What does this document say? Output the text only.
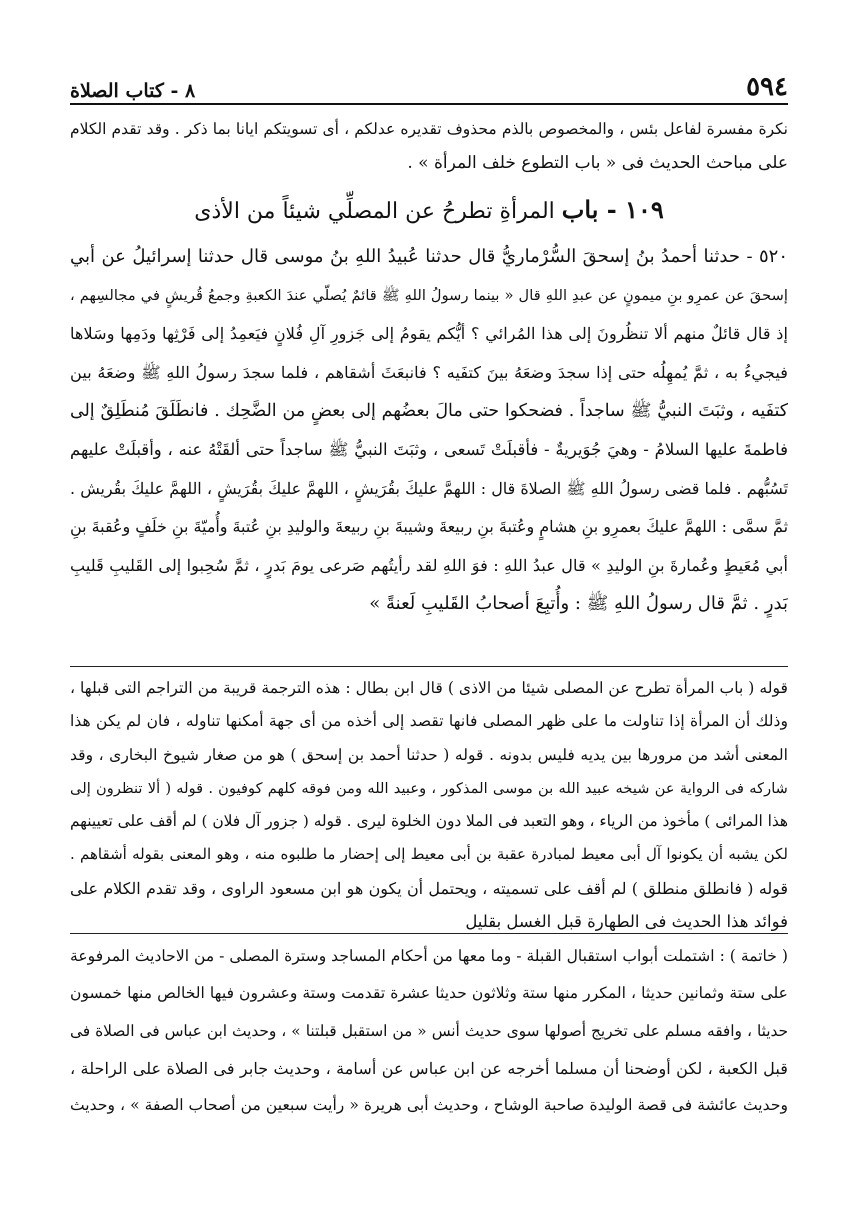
٥٩٤
٨ - كتاب الصلاة
نكرة مفسرة لفاعل بئس ، والمخصوص بالذم محذوف تقديره عدلكم ، أى تسويتكم ايانا بما ذكر . وقد تقدم الكلام
على مباحث الحديث فى « باب التطوع خلف المرأة » .
١٠٩ - باب المرأةِ تطرحُ عن المصلِّي شيئاً من الأذى
٥٢٠ - حدثنا أحمدُ بنُ إسحقَ السُّرْماريُّ قال حدثنا عُبيدُ اللهِ بنُ موسى قال حدثنا إسرائيلُ عن أبي
إسحقَ عن عمرِو بنِ ميمونٍ عن عبدِ اللهِ قال « بينما رسولُ اللهِ ﷺ قائمٌ يُصلّي عندَ الكعبةِ وجمعُ قُريشٍ في مجالسِهم ،
إذ قال قائلٌ منهم ألا تنظُرونَ إلى هذا المُرائي ؟ أيُّكم يقومُ إلى جَزورِ آلِ فُلانٍ فيَعمِدُ إلى فَرْثِها ودَمِها وسَلاها
فيجيءُ به ، ثمَّ يُمهِلُه حتى إذا سجدَ وضعَهُ بينَ كتفَيه ؟ فانبعَثَ أشقاهم ، فلما سجدَ رسولُ اللهِ ﷺ وضعَهُ بين
كتفَيه ، وثبَتَ النبيُّ ﷺ ساجداً . فضحكوا حتى مالَ بعضُهم إلى بعضٍ من الضَّحِك . فانطَلَقَ مُنطَلِقٌ إلى
فاطمةَ عليها السلامُ - وهيَ جُوَيريةٌ - فأقبلَتْ تَسعى ، وثبَتَ النبيُّ ﷺ ساجداً حتى ألقَتْهُ عنه ، وأقبلَتْ عليهم
تَسُبُّهم . فلما قضى رسولُ اللهِ ﷺ الصلاةَ قال : اللهمَّ عليكَ بقُرَيشٍ ، اللهمَّ عليكَ بقُرَيشٍ ، اللهمَّ عليكَ بقُريش .
ثمَّ سمَّى : اللهمَّ عليكَ بعمرِو بنِ هشامٍ وعُتبةَ بنِ ربيعةَ وشيبةَ بنِ ربيعةَ والوليدِ بنِ عُتبةَ وأُميّةَ بنِ خلَفٍ وعُقبةَ بنِ
أبي مُعَيطٍ وعُمارةَ بنِ الوليدِ » قال عبدُ اللهِ : فوَ اللهِ لقد رأيتُهم صَرعى يومَ بَدرٍ ، ثمَّ سُحِبوا إلى القَليبِ قَليبِ
بَدرٍ . ثمَّ قال رسولُ اللهِ ﷺ : وأُتبِعَ أصحابُ القَليبِ لَعنةً »
قوله ( باب المرأة تطرح عن المصلى شيئا من الاذى ) قال ابن بطال : هذه الترجمة قريبة من التراجم التى قبلها ،
وذلك أن المرأة إذا تناولت ما على ظهر المصلى فانها تقصد إلى أخذه من أى جهة أمكنها تناوله ، فان لم يكن هذا
المعنى أشد من مرورها بين يديه فليس بدونه . قوله ( حدثنا أحمد بن إسحق ) هو من صغار شيوخ البخارى ، وقد
شاركه فى الرواية عن شيخه عبيد الله بن موسى المذكور ، وعبيد الله ومن فوقه كلهم كوفيون . قوله ( ألا تنظرون إلى
هذا المرائى ) مأخوذ من الرياء ، وهو التعبد فى الملا دون الخلوة ليرى . قوله ( جزور آل فلان ) لم أقف على تعيينهم
لكن يشبه أن يكونوا آل أبى معيط لمبادرة عقبة بن أبى معيط إلى إحضار ما طلبوه منه ، وهو المعنى بقوله أشقاهم .
قوله ( فانطلق منطلق ) لم أقف على تسميته ، ويحتمل أن يكون هو ابن مسعود الراوى ، وقد تقدم الكلام على
فوائد هذا الحديث فى الطهارة قبل الغسل بقليل
( خاتمة ) : اشتملت أبواب استقبال القبلة - وما معها من أحكام المساجد وسترة المصلى - من الاحاديث المرفوعة
على ستة وثمانين حديثا ، المكرر منها ستة وثلاثون حديثا عشرة تقدمت وستة وعشرون فيها الخالص منها خمسون
حديثا ، وافقه مسلم على تخريج أصولها سوى حديث أنس « من استقبل قبلتنا » ، وحديث ابن عباس فى الصلاة فى
قبل الكعبة ، لكن أوضحنا أن مسلما أخرجه عن ابن عباس عن أسامة ، وحديث جابر فى الصلاة على الراحلة ،
وحديث عائشة فى قصة الوليدة صاحبة الوشاح ، وحديث أبى هريرة « رأيت سبعين من أصحاب الصفة » ، وحديث
